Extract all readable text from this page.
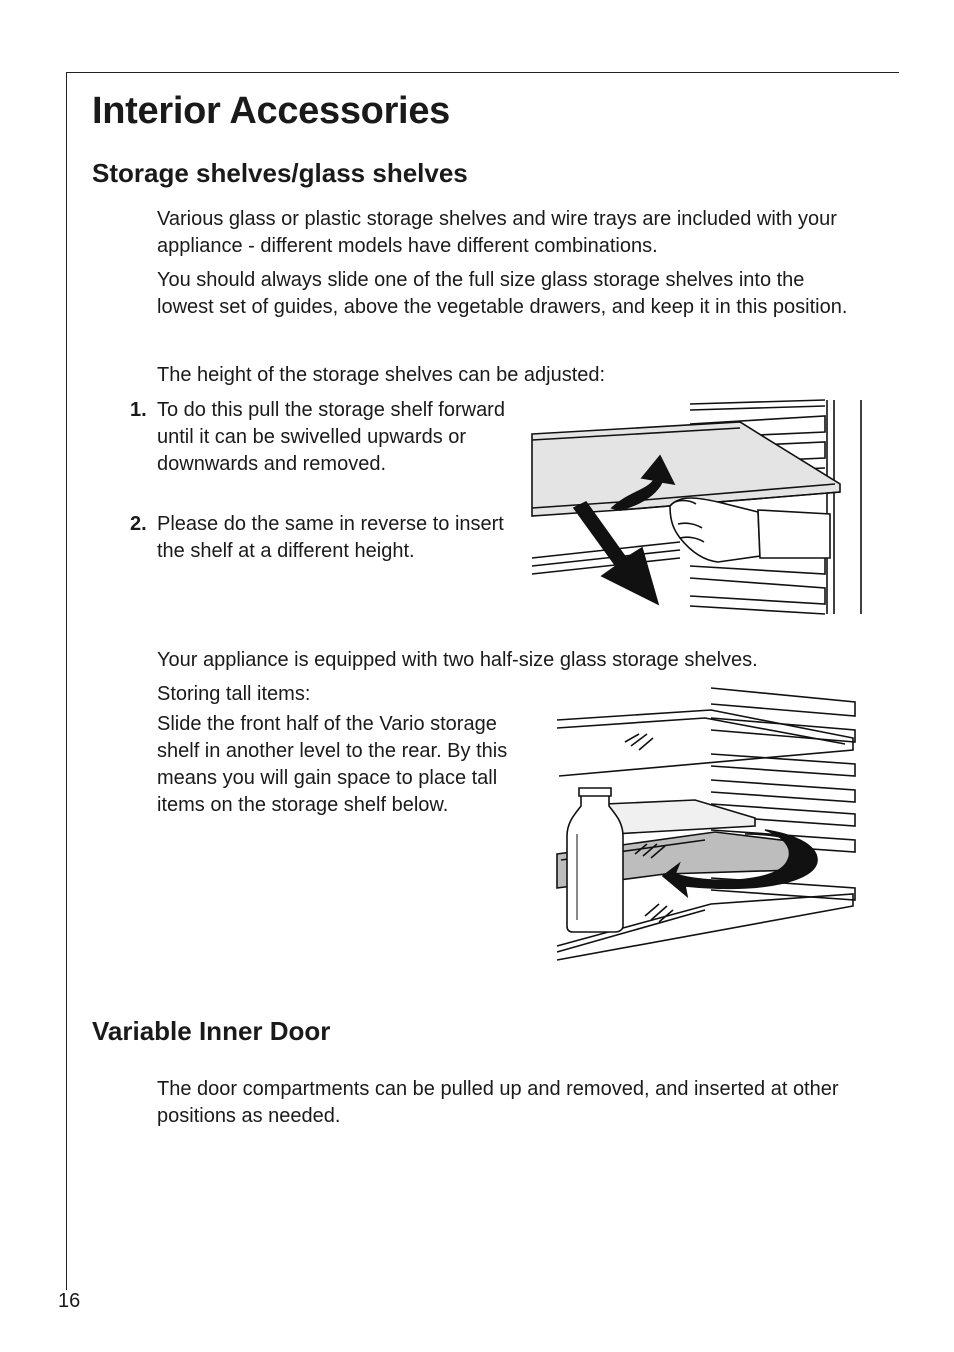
Interior Accessories
Storage shelves/glass shelves

Various glass or plastic storage shelves and wire trays are included with your appliance - different models have different combinations.

You should always slide one of the full size glass storage shelves into the lowest set of guides, above the vegetable drawers, and keep it in this position.

The height of the storage shelves can be adjusted:

1. To do this pull the storage shelf forward until it can be swivelled upwards or downwards and removed.
2. Please do the same in reverse to insert the shelf at a different height.

Your appliance is equipped with two half-size glass storage shelves.

Storing tall items:

Slide the front half of the Vario storage shelf in another level to the rear. By this means you will gain space to place tall items on the storage shelf below.

Variable Inner Door

The door compartments can be pulled up and removed, and inserted at other positions as needed.

16
